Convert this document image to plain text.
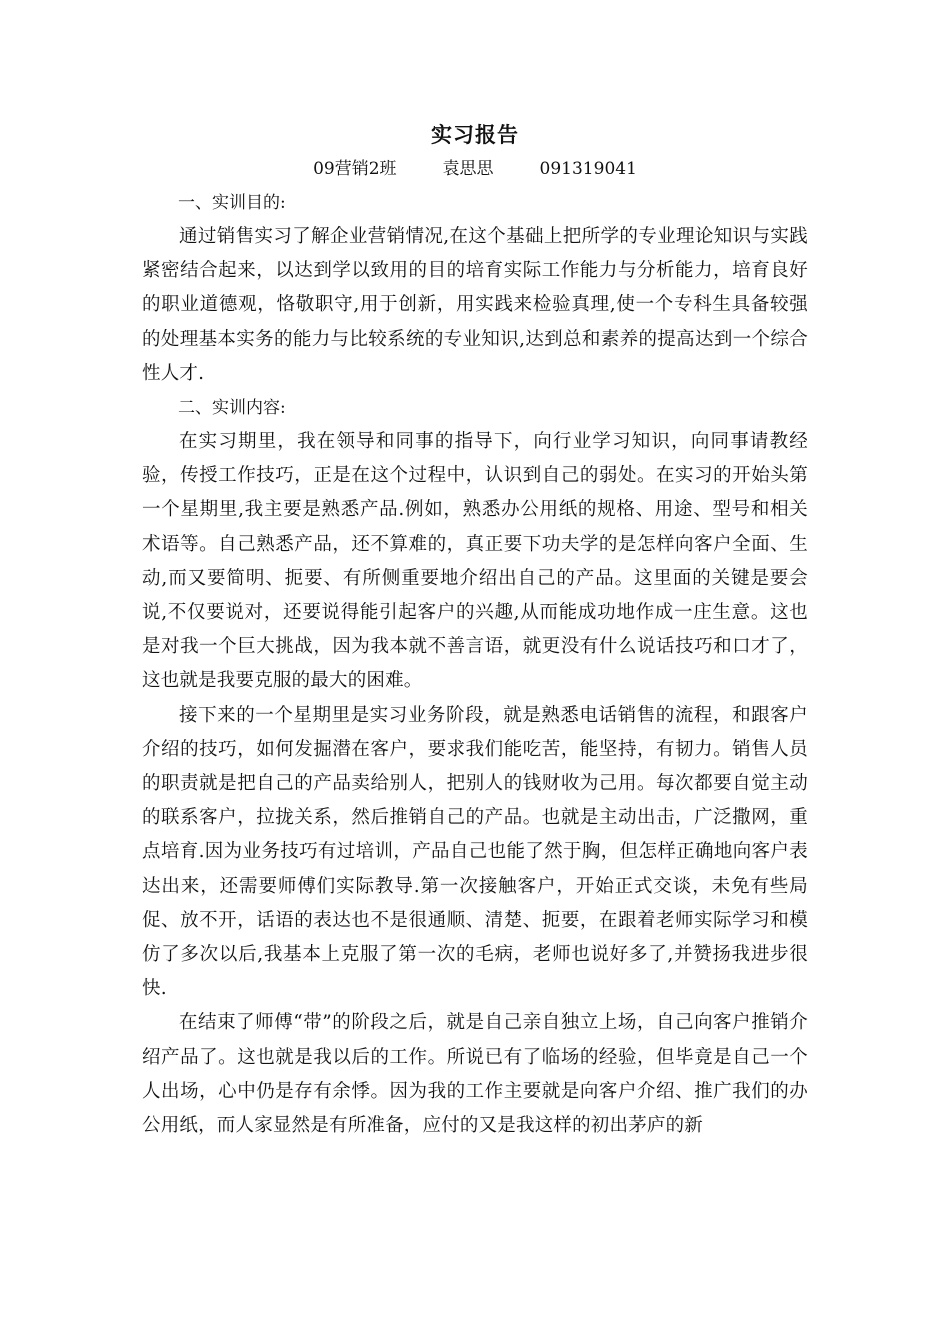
实习报告
09营销2班	袁思思	091319041

一、实训目的:

通过销售实习了解企业营销情况,在这个基础上把所学的专业理论知识与实践紧密结合起来，以达到学以致用的目的培育实际工作能力与分析能力，培育良好的职业道德观，恪敬职守,用于创新，用实践来检验真理,使一个专科生具备较强的处理基本实务的能力与比较系统的专业知识,达到总和素养的提高达到一个综合性人才.

二、实训内容:

在实习期里，我在领导和同事的指导下，向行业学习知识，向同事请教经验，传授工作技巧，正是在这个过程中，认识到自己的弱处。在实习的开始头第一个星期里,我主要是熟悉产品.例如，熟悉办公用纸的规格、用途、型号和相关术语等。自己熟悉产品，还不算难的，真正要下功夫学的是怎样向客户全面、生动,而又要简明、扼要、有所侧重要地介绍出自己的产品。这里面的关键是要会说,不仅要说对，还要说得能引起客户的兴趣,从而能成功地作成一庄生意。这也是对我一个巨大挑战，因为我本就不善言语，就更没有什么说话技巧和口才了，这也就是我要克服的最大的困难。

接下来的一个星期里是实习业务阶段，就是熟悉电话销售的流程，和跟客户介绍的技巧，如何发掘潜在客户，要求我们能吃苦，能坚持，有韧力。销售人员的职责就是把自己的产品卖给别人，把别人的钱财收为己用。每次都要自觉主动的联系客户，拉拢关系，然后推销自己的产品。也就是主动出击，广泛撒网，重点培育.因为业务技巧有过培训，产品自己也能了然于胸，但怎样正确地向客户表达出来，还需要师傅们实际教导.第一次接触客户，开始正式交谈，未免有些局促、放不开，话语的表达也不是很通顺、清楚、扼要，在跟着老师实际学习和模仿了多次以后,我基本上克服了第一次的毛病，老师也说好多了,并赞扬我进步很快.

在结束了师傅“带”的阶段之后，就是自己亲自独立上场，自己向客户推销介绍产品了。这也就是我以后的工作。所说已有了临场的经验，但毕竟是自己一个人出场，心中仍是存有余悸。因为我的工作主要就是向客户介绍、推广我们的办公用纸，而人家显然是有所准备，应付的又是我这样的初出茅庐的新
